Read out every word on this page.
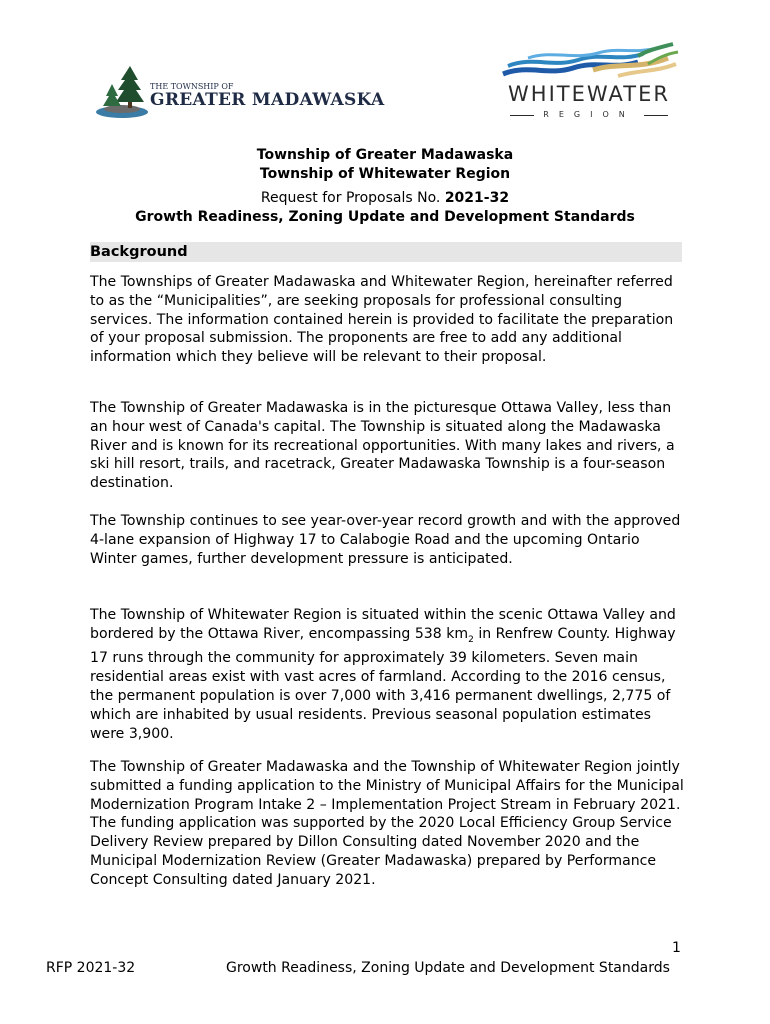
THE TOWNSHIP OF
GREATER MADAWASKA	WHITEWATER
REGION
Township of Greater Madawaska
Township of Whitewater Region
Request for Proposals No. 2021-32
Growth Readiness, Zoning Update and Development Standards
Background

The Townships of Greater Madawaska and Whitewater Region, hereinafter referred to as the “Municipalities”, are seeking proposals for professional consulting services. The information contained herein is provided to facilitate the preparation of your proposal submission. The proponents are free to add any additional information which they believe will be relevant to their proposal.

The Township of Greater Madawaska is in the picturesque Ottawa Valley, less than an hour west of Canada's capital. The Township is situated along the Madawaska River and is known for its recreational opportunities. With many lakes and rivers, a ski hill resort, trails, and racetrack, Greater Madawaska Township is a four-season destination.

The Township continues to see year-over-year record growth and with the approved 4-lane expansion of Highway 17 to Calabogie Road and the upcoming Ontario Winter games, further development pressure is anticipated.

The Township of Whitewater Region is situated within the scenic Ottawa Valley and bordered by the Ottawa River, encompassing 538 $km_2$ in Renfrew County. Highway 17 runs through the community for approximately 39 kilometers. Seven main residential areas exist with vast acres of farmland. According to the 2016 census, the permanent population is over 7,000 with 3,416 permanent dwellings, 2,775 of which are inhabited by usual residents. Previous seasonal population estimates were 3,900.

The Township of Greater Madawaska and the Township of Whitewater Region jointly submitted a funding application to the Ministry of Municipal Affairs for the Municipal Modernization Program Intake 2 – Implementation Project Stream in February 2021. The funding application was supported by the 2020 Local Efficiency Group Service Delivery Review prepared by Dillon Consulting dated November 2020 and the Municipal Modernization Review (Greater Madawaska) prepared by Performance Concept Consulting dated January 2021.

1
RFP 2021-32	Growth Readiness, Zoning Update and Development Standards
